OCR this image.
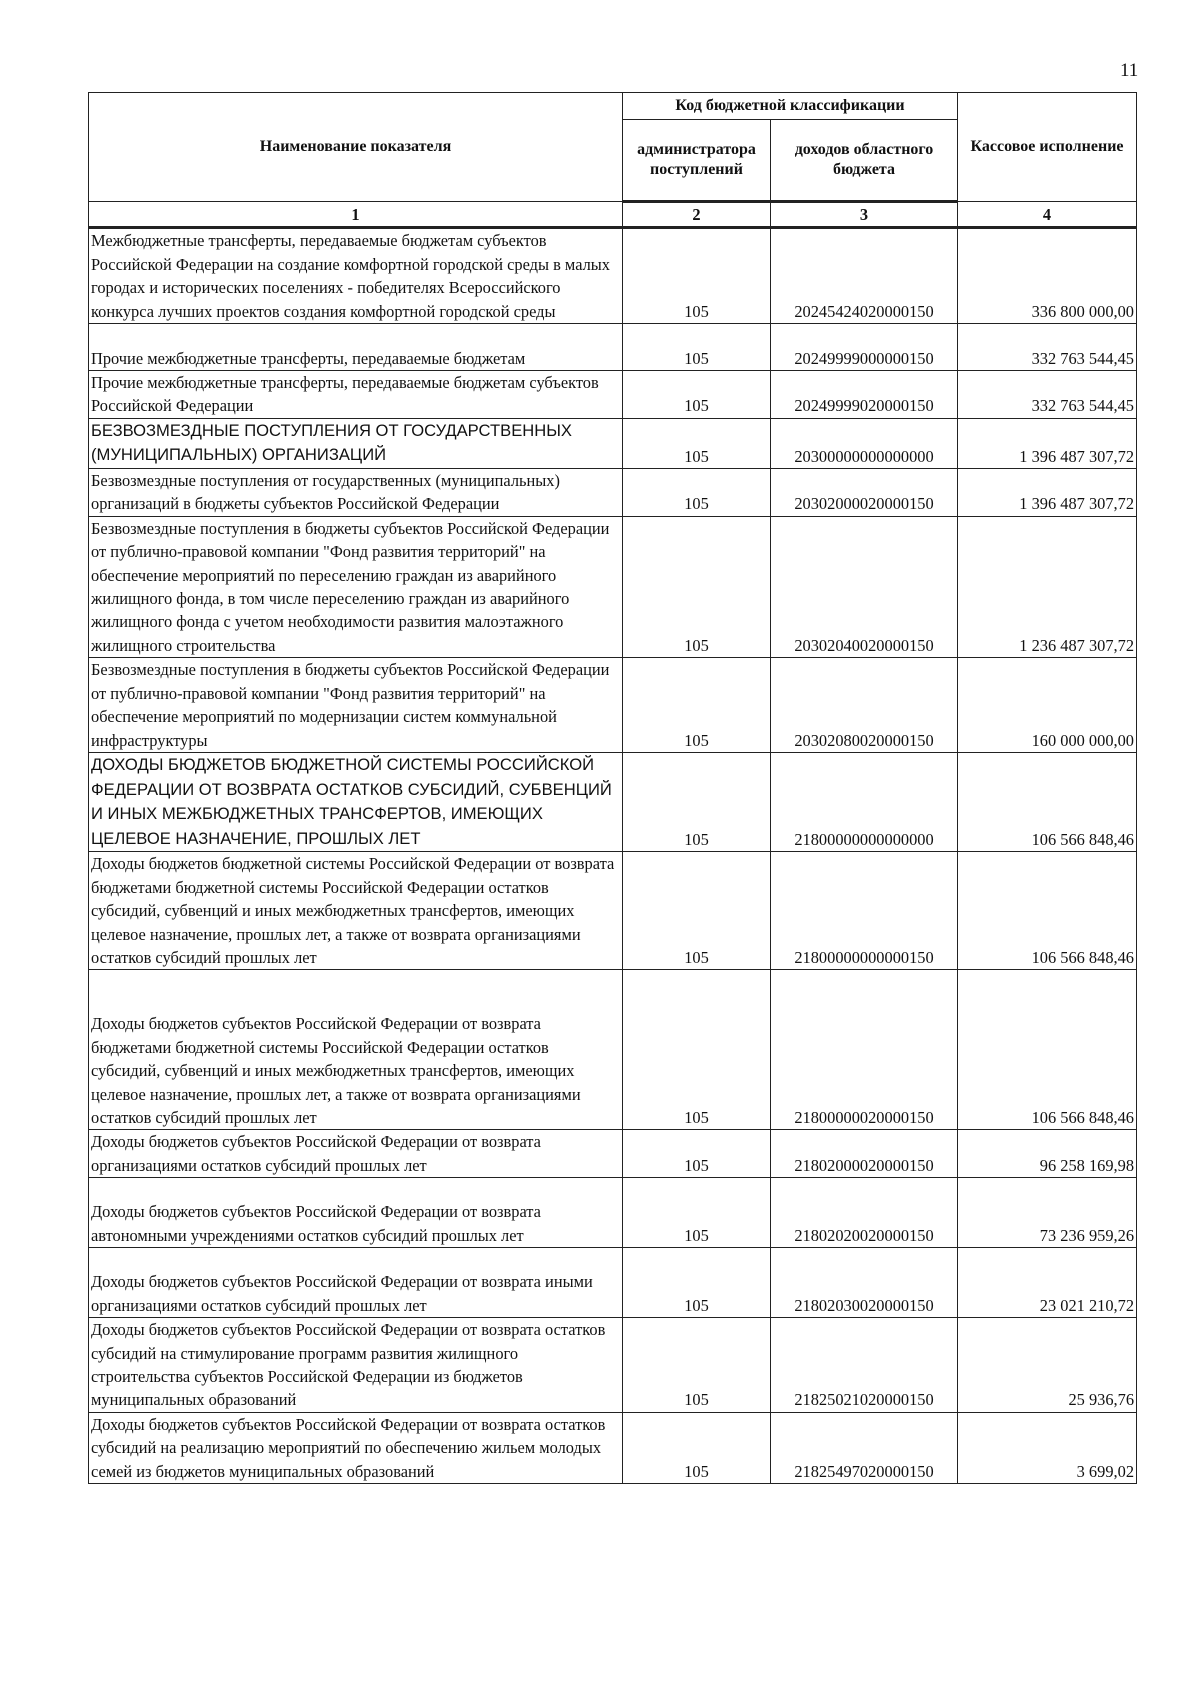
11
Наименование показателя	Код бюджетной классификации		Кассовое исполнение
	администратора поступлений	доходов областного бюджета	
1	2	3	4
Межбюджетные трансферты, передаваемые бюджетам субъектов Российской Федерации на создание комфортной городской среды в малых городах и исторических поселениях - победителях Всероссийского конкурса лучших проектов создания комфортной городской среды	105	20245424020000150	336 800 000,00
Прочие межбюджетные трансферты, передаваемые бюджетам	105	20249999000000150	332 763 544,45
Прочие межбюджетные трансферты, передаваемые бюджетам субъектов Российской Федерации	105	20249999020000150	332 763 544,45
БЕЗВОЗМЕЗДНЫЕ ПОСТУПЛЕНИЯ ОТ ГОСУДАРСТВЕННЫХ (МУНИЦИПАЛЬНЫХ) ОРГАНИЗАЦИЙ	105	20300000000000000	1 396 487 307,72
Безвозмездные поступления от государственных (муниципальных) организаций в бюджеты субъектов Российской Федерации	105	20302000020000150	1 396 487 307,72
Безвозмездные поступления в бюджеты субъектов Российской Федерации от публично-правовой компании "Фонд развития территорий" на обеспечение мероприятий по переселению граждан из аварийного жилищного фонда, в том числе переселению граждан из аварийного жилищного фонда с учетом необходимости развития малоэтажного жилищного строительства	105	20302040020000150	1 236 487 307,72
Безвозмездные поступления в бюджеты субъектов Российской Федерации от публично-правовой компании "Фонд развития территорий" на обеспечение мероприятий по модернизации систем коммунальной инфраструктуры	105	20302080020000150	160 000 000,00
ДОХОДЫ БЮДЖЕТОВ БЮДЖЕТНОЙ СИСТЕМЫ РОССИЙСКОЙ ФЕДЕРАЦИИ ОТ ВОЗВРАТА ОСТАТКОВ СУБСИДИЙ, СУБВЕНЦИЙ И ИНЫХ МЕЖБЮДЖЕТНЫХ ТРАНСФЕРТОВ, ИМЕЮЩИХ ЦЕЛЕВОЕ НАЗНАЧЕНИЕ, ПРОШЛЫХ ЛЕТ	105	21800000000000000	106 566 848,46
Доходы бюджетов бюджетной системы Российской Федерации от возврата бюджетами бюджетной системы Российской Федерации остатков субсидий, субвенций и иных межбюджетных трансфертов, имеющих целевое назначение, прошлых лет, а также от возврата организациями остатков субсидий прошлых лет	105	21800000000000150	106 566 848,46
Доходы бюджетов субъектов Российской Федерации от возврата бюджетами бюджетной системы Российской Федерации остатков субсидий, субвенций и иных межбюджетных трансфертов, имеющих целевое назначение, прошлых лет, а также от возврата организациями остатков субсидий прошлых лет	105	21800000020000150	106 566 848,46
Доходы бюджетов субъектов Российской Федерации от возврата организациями остатков субсидий прошлых лет	105	21802000020000150	96 258 169,98
Доходы бюджетов субъектов Российской Федерации от возврата автономными учреждениями остатков субсидий прошлых лет	105	21802020020000150	73 236 959,26
Доходы бюджетов субъектов Российской Федерации от возврата иными организациями остатков субсидий прошлых лет	105	21802030020000150	23 021 210,72
Доходы бюджетов субъектов Российской Федерации от возврата остатков субсидий на стимулирование программ развития жилищного строительства субъектов Российской Федерации из бюджетов муниципальных образований	105	21825021020000150	25 936,76
Доходы бюджетов субъектов Российской Федерации от возврата остатков субсидий на реализацию мероприятий по обеспечению жильем молодых семей из бюджетов муниципальных образований	105	21825497020000150	3 699,02
